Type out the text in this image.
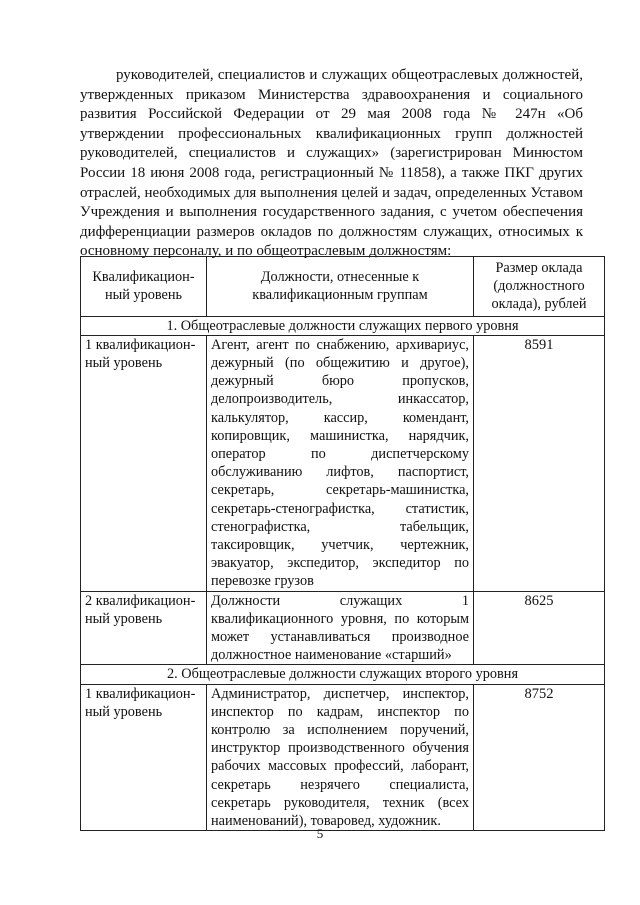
руководителей, специалистов и служащих общеотраслевых должностей, утвержденных приказом Министерства здравоохранения и социального развития Российской Федерации от 29 мая 2008 года № 247н «Об утверждении профессиональных квалификационных групп должностей руководителей, специалистов и служащих» (зарегистрирован Минюстом России 18 июня 2008 года, регистрационный № 11858), а также ПКГ других отраслей, необходимых для выполнения целей и задач, определенных Уставом Учреждения и выполнения государственного задания, с учетом обеспечения дифференциации размеров окладов по должностям служащих, относимых к основному персоналу, и по общеотраслевым должностям:

Квалификацион-ный уровень	Должности, отнесенные к квалификационным группам	Размер оклада (должностного оклада), рублей
1. Общеотраслевые должности служащих первого уровня		
1 квалификацион-ный уровень	Агент, агент по снабжению, архивариус, дежурный (по общежитию и другое), дежурный бюро пропусков, делопроизводитель, инкассатор, калькулятор, кассир, комендант, копировщик, машинистка, нарядчик, оператор по диспетчерскому обслуживанию лифтов, паспортист, секретарь, секретарь-машинистка, секретарь-стенографистка, статистик, стенографистка, табельщик, таксировщик, учетчик, чертежник, эвакуатор, экспедитор, экспедитор по перевозке грузов	8591
2 квалификацион-ный уровень	Должности служащих 1 квалификационного уровня, по которым может устанавливаться производное должностное наименование «старший»	8625
2. Общеотраслевые должности служащих второго уровня		
1 квалификацион-ный уровень	Администратор, диспетчер, инспектор, инспектор по кадрам, инспектор по контролю за исполнением поручений, инструктор производственного обучения рабочих массовых профессий, лаборант, секретарь незрячего специалиста, секретарь руководителя, техник (всех наименований), товаровед, художник.	8752
5
